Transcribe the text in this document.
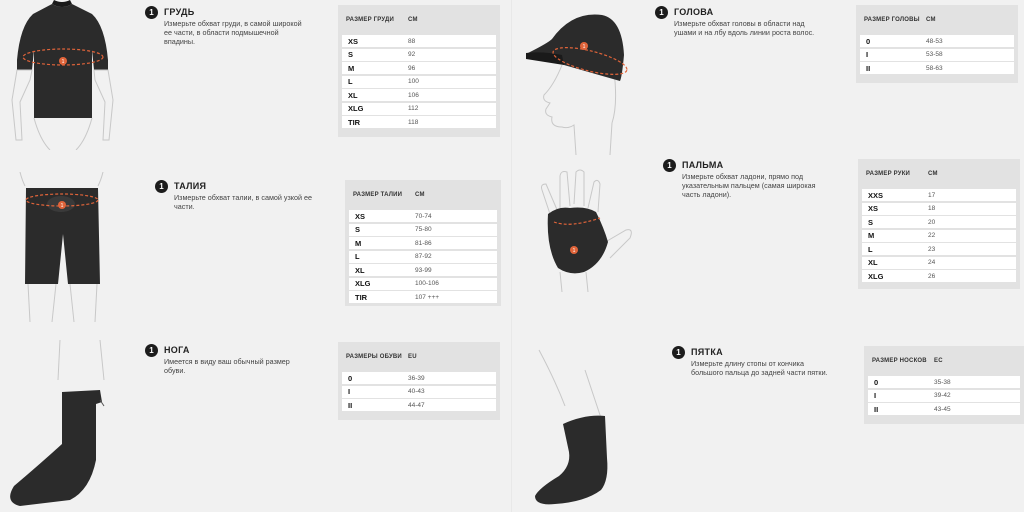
1
1	ГРУДЬ
Измерьте обхват груди, в самой широкой
ее части, в области подмышечной
впадины.
РАЗМЕР ГРУДИ	СМ
XS	88
S	92
M	96
L	100
XL	106
XLG	112
TIR	118
1
1	ТАЛИЯ
Измерьте обхват талии, в самой узкой ее
части.
РАЗМЕР ТАЛИИ	СМ
XS	70-74
S	75-80
M	81-86
L	87-92
XL	93-99
XLG	100-106
TIR	107 +++
1	НОГА
Имеется в виду ваш обычный размер
обуви.
РАЗМЕРЫ ОБУВИ	EU
0	36-39
I	40-43
II	44-47
1
1	ГОЛОВА
Измерьте обхват головы в области над
ушами и на лбу вдоль линии роста волос.
РАЗМЕР ГОЛОВЫ	СМ
0	48-53
I	53-58
II	58-63
1
1	ПАЛЬМА
Измерьте обхват ладони, прямо под
указательным пальцем (самая широкая
часть ладони).
РАЗМЕР РУКИ	СМ
XXS	17
XS	18
S	20
M	22
L	23
XL	24
XLG	26
1	ПЯТКА
Измерьте длину стопы от кончика
большого пальца до задней части пятки.
РАЗМЕР НОСКОВ	EC
0	35-38
I	39-42
II	43-45
